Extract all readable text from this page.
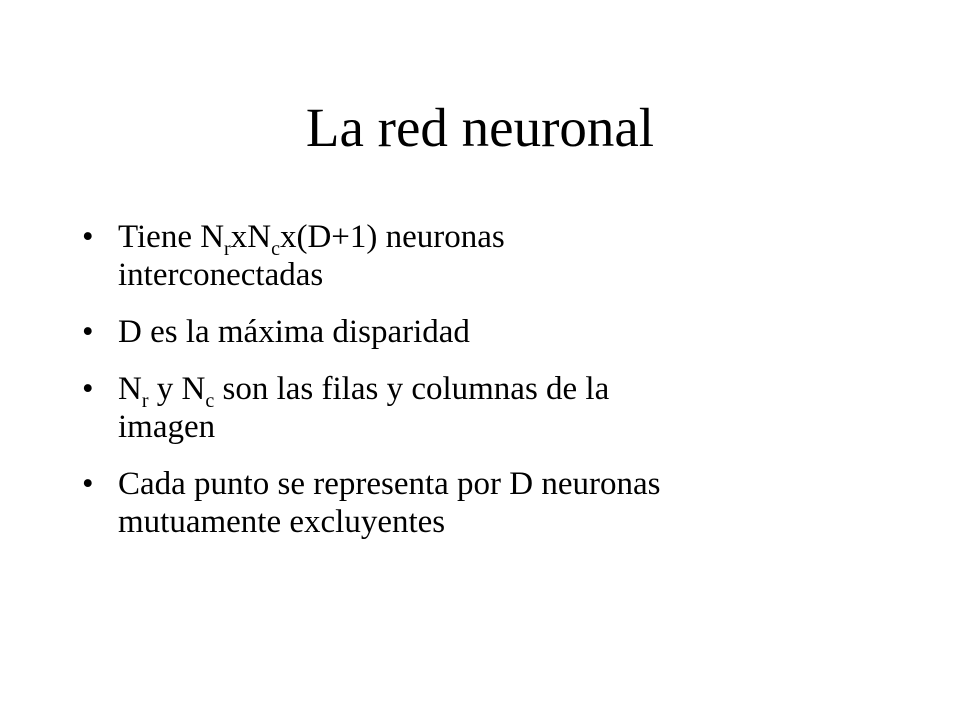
La red neuronal
• Tiene $N_rxN_cx(D+1)$ neuronas
interconectadas
• D es la máxima disparidad
• $N_r$ y $N_c$ son las filas y columnas de la
imagen
• Cada punto se representa por D neuronas
mutuamente excluyentes
